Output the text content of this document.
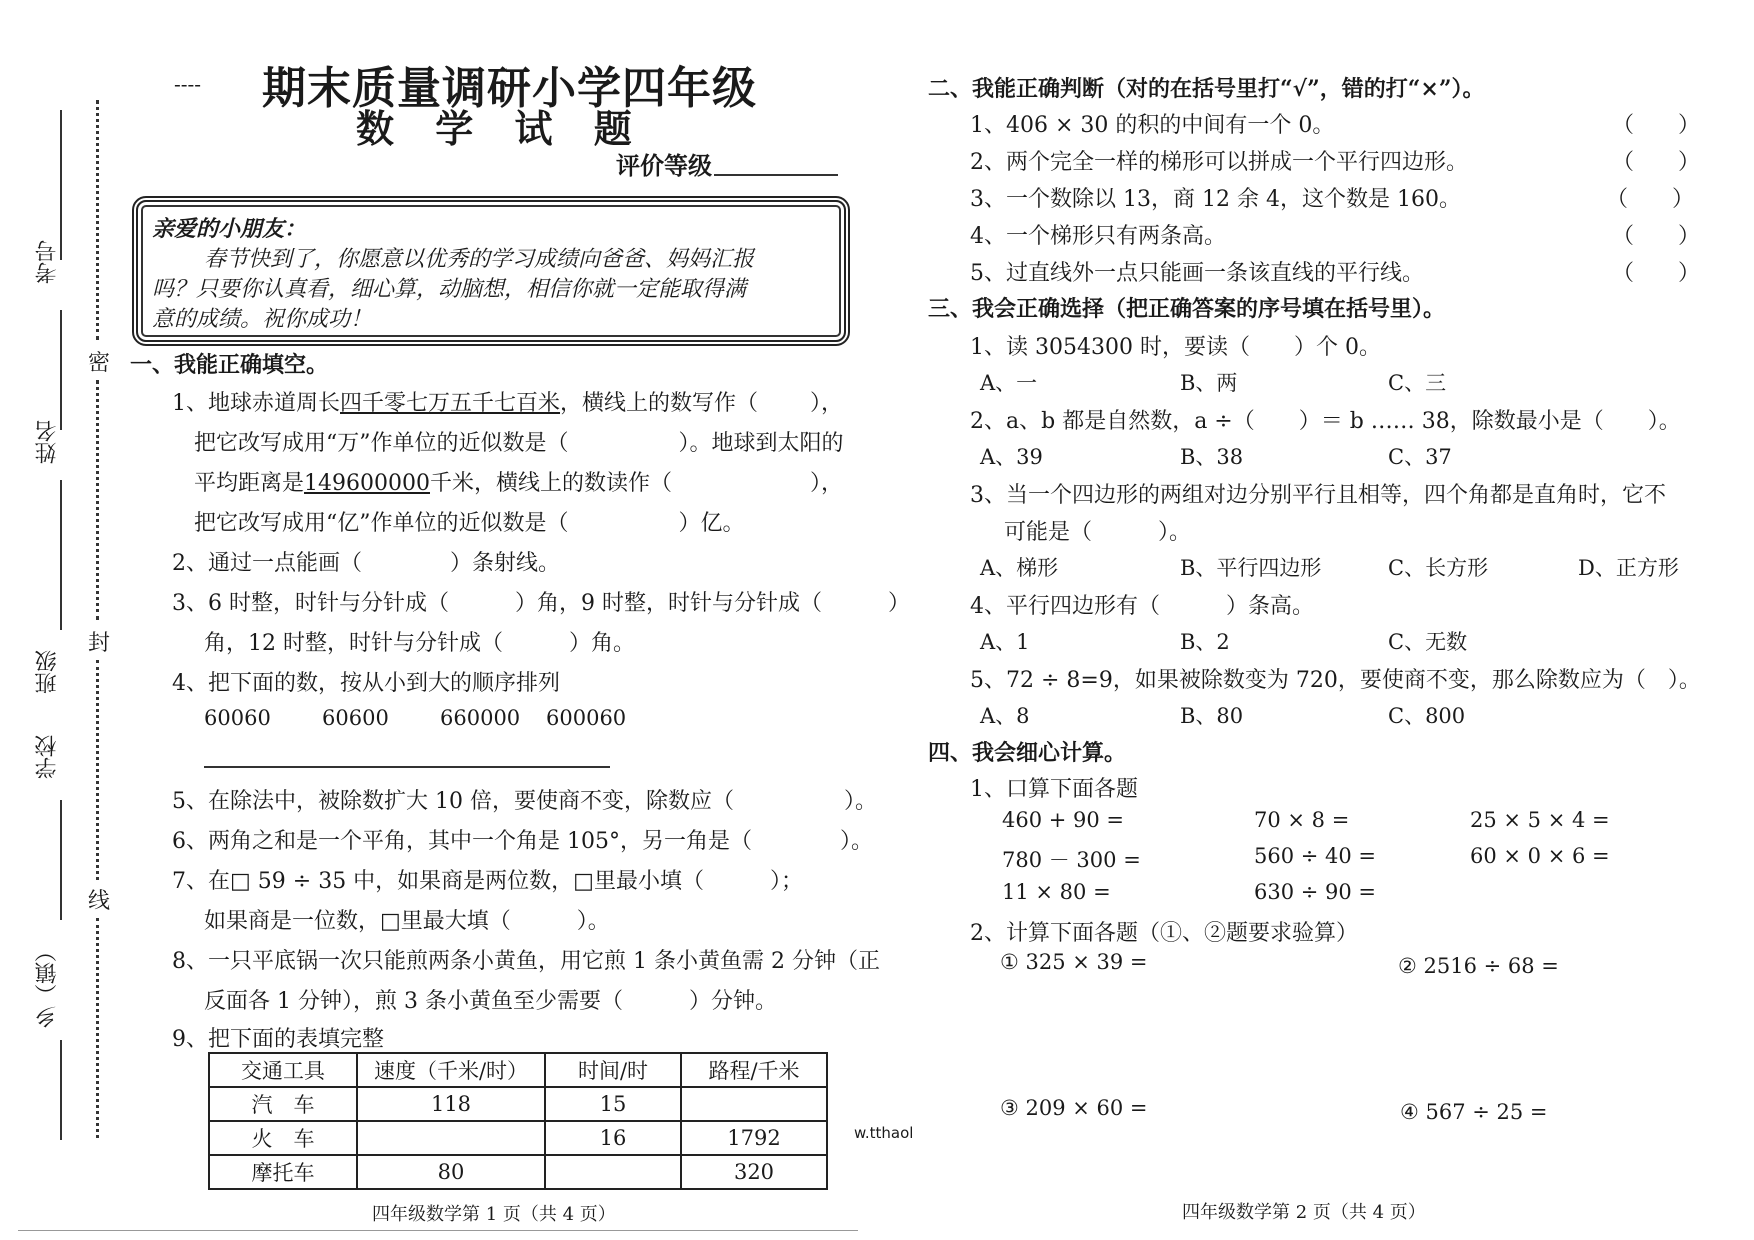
考号
姓名
班级
学校
乡（镇）
密
封
线
---- 期末质量调研小学四年级
数 学 试 题
评价等级
亲爱的小朋友：
春节快到了，你愿意以优秀的学习成绩向爸爸、妈妈汇报
吗？只要你认真看，细心算，动脑想，相信你就一定能取得满
意的成绩。祝你成功！
一、我能正确填空。
1、地球赤道周长四千零七万五千七百米，横线上的数写作（ ），
把它改写成用“万”作单位的近似数是（	）。地球到太阳的
平均距离是149600000千米，横线上的数读作（	），
把它改写成用“亿”作单位的近似数是（	）亿。
2、通过一点能画（　　　　）条射线。
3、6 时整，时针与分针成（　　　）角，9 时整，时针与分针成（　　　）
角，12 时整，时针与分针成（　　　）角。
4、把下面的数，按从小到大的顺序排列
60060 60600 660000 600060
5、在除法中，被除数扩大 10 倍，要使商不变，除数应（　　　　　）。
6、两角之和是一个平角，其中一个角是 105°，另一角是（　　　　）。
7、在□ 59 ÷ 35 中，如果商是两位数，□里最小填（　　　）；
如果商是一位数，□里最大填（　　　）。
8、一只平底锅一次只能煎两条小黄鱼，用它煎 1 条小黄鱼需 2 分钟（正
反面各 1 分钟），煎 3 条小黄鱼至少需要（　　　）分钟。
9、把下面的表填完整
交通工具	速度（千米/时）	时间/时	路程/千米
汽　车	118	15	
火　车		16	1792
摩托车	80		320
四年级数学第 1 页（共 4 页）
w.tthaol
二、我能正确判断（对的在括号里打“√”，错的打“×”）。
1、406 × 30 的积的中间有一个 0。	（　　）
2、两个完全一样的梯形可以拼成一个平行四边形。	（　　）
3、一个数除以 13，商 12 余 4，这个数是 160。	（　　）
4、一个梯形只有两条高。	（　　）
5、过直线外一点只能画一条该直线的平行线。	（　　）
三、我会正确选择（把正确答案的序号填在括号里）。
1、读 3054300 时，要读（　　）个 0。
A、一	B、两	C、三
2、a、b 都是自然数，a ÷（　　）＝ b …… 38，除数最小是（　　）。
A、39	B、38	C、37
3、当一个四边形的两组对边分别平行且相等，四个角都是直角时，它不
可能是（　　　）。
A、梯形	B、平行四边形	C、长方形	D、正方形
4、平行四边形有（　　　）条高。
A、1	B、2	C、无数
5、72 ÷ 8=9，如果被除数变为 720，要使商不变，那么除数应为（　）。
A、8	B、80	C、800
四、我会细心计算。
1、口算下面各题
460 + 90 =	70 × 8 =	25 × 5 × 4 =
780 － 300 =	560 ÷ 40 =	60 × 0 × 6 =
11 × 80 =	630 ÷ 90 =
2、计算下面各题（①、②题要求验算）
① 325 × 39 =	② 2516 ÷ 68 =
③ 209 × 60 =	④ 567 ÷ 25 =
四年级数学第 2 页（共 4 页）
